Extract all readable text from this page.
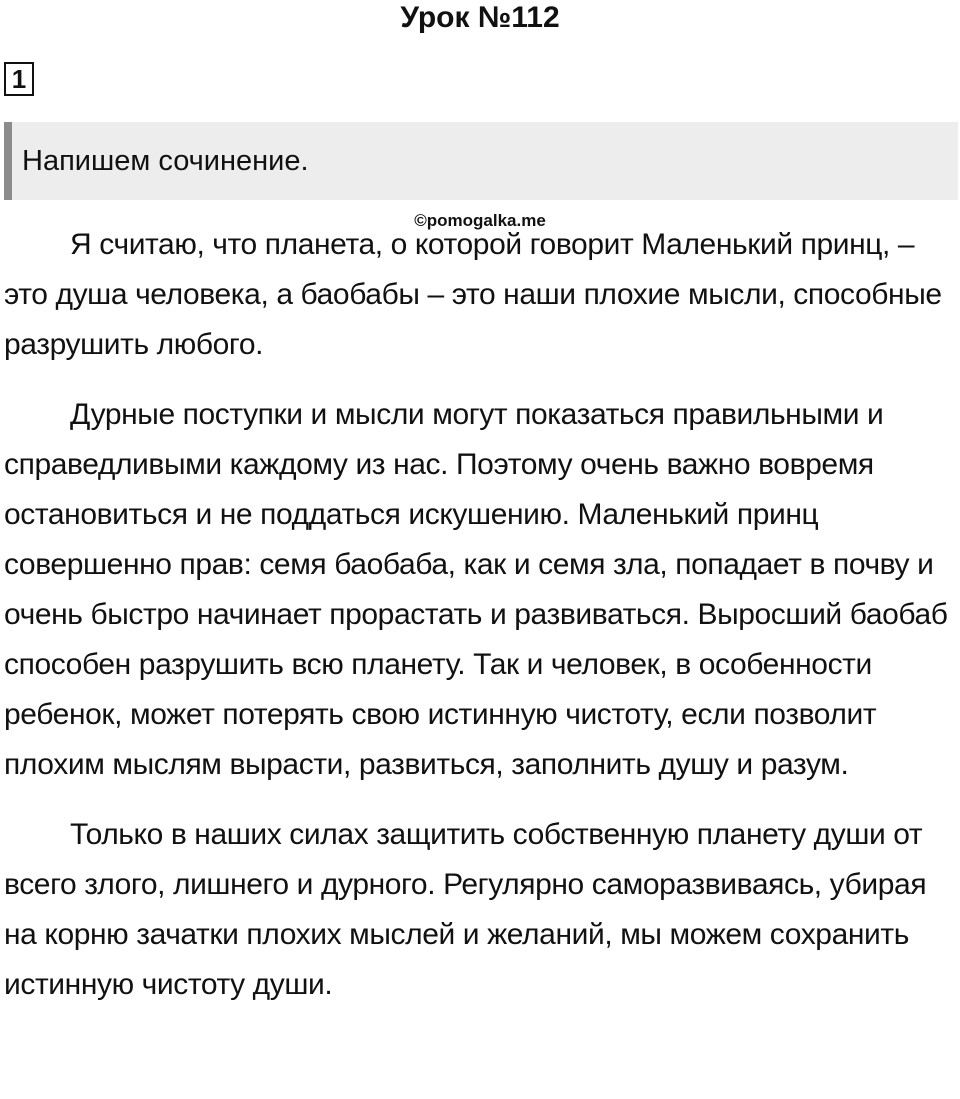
Урок №112
1
Напишем сочинение.

Я считаю, что планета, о которой говорит Маленький принц, – это душа человека, а баобабы – это наши плохие мысли, способные разрушить любого.

Дурные поступки и мысли могут показаться правильными и справедливыми каждому из нас. Поэтому очень важно вовремя остановиться и не поддаться искушению. Маленький принц совершенно прав: семя баобаба, как и семя зла, попадает в почву и очень быстро начинает прорастать и развиваться. Выросший баобаб способен разрушить всю планету. Так и человек, в особенности ребенок, может потерять свою истинную чистоту, если позволит плохим мыслям вырасти, развиться, заполнить душу и разум.

Только в наших силах защитить собственную планету души от всего злого, лишнего и дурного. Регулярно саморазвиваясь, убирая на корню зачатки плохих мыслей и желаний, мы можем сохранить истинную чистоту души.

©pomogalka.me
